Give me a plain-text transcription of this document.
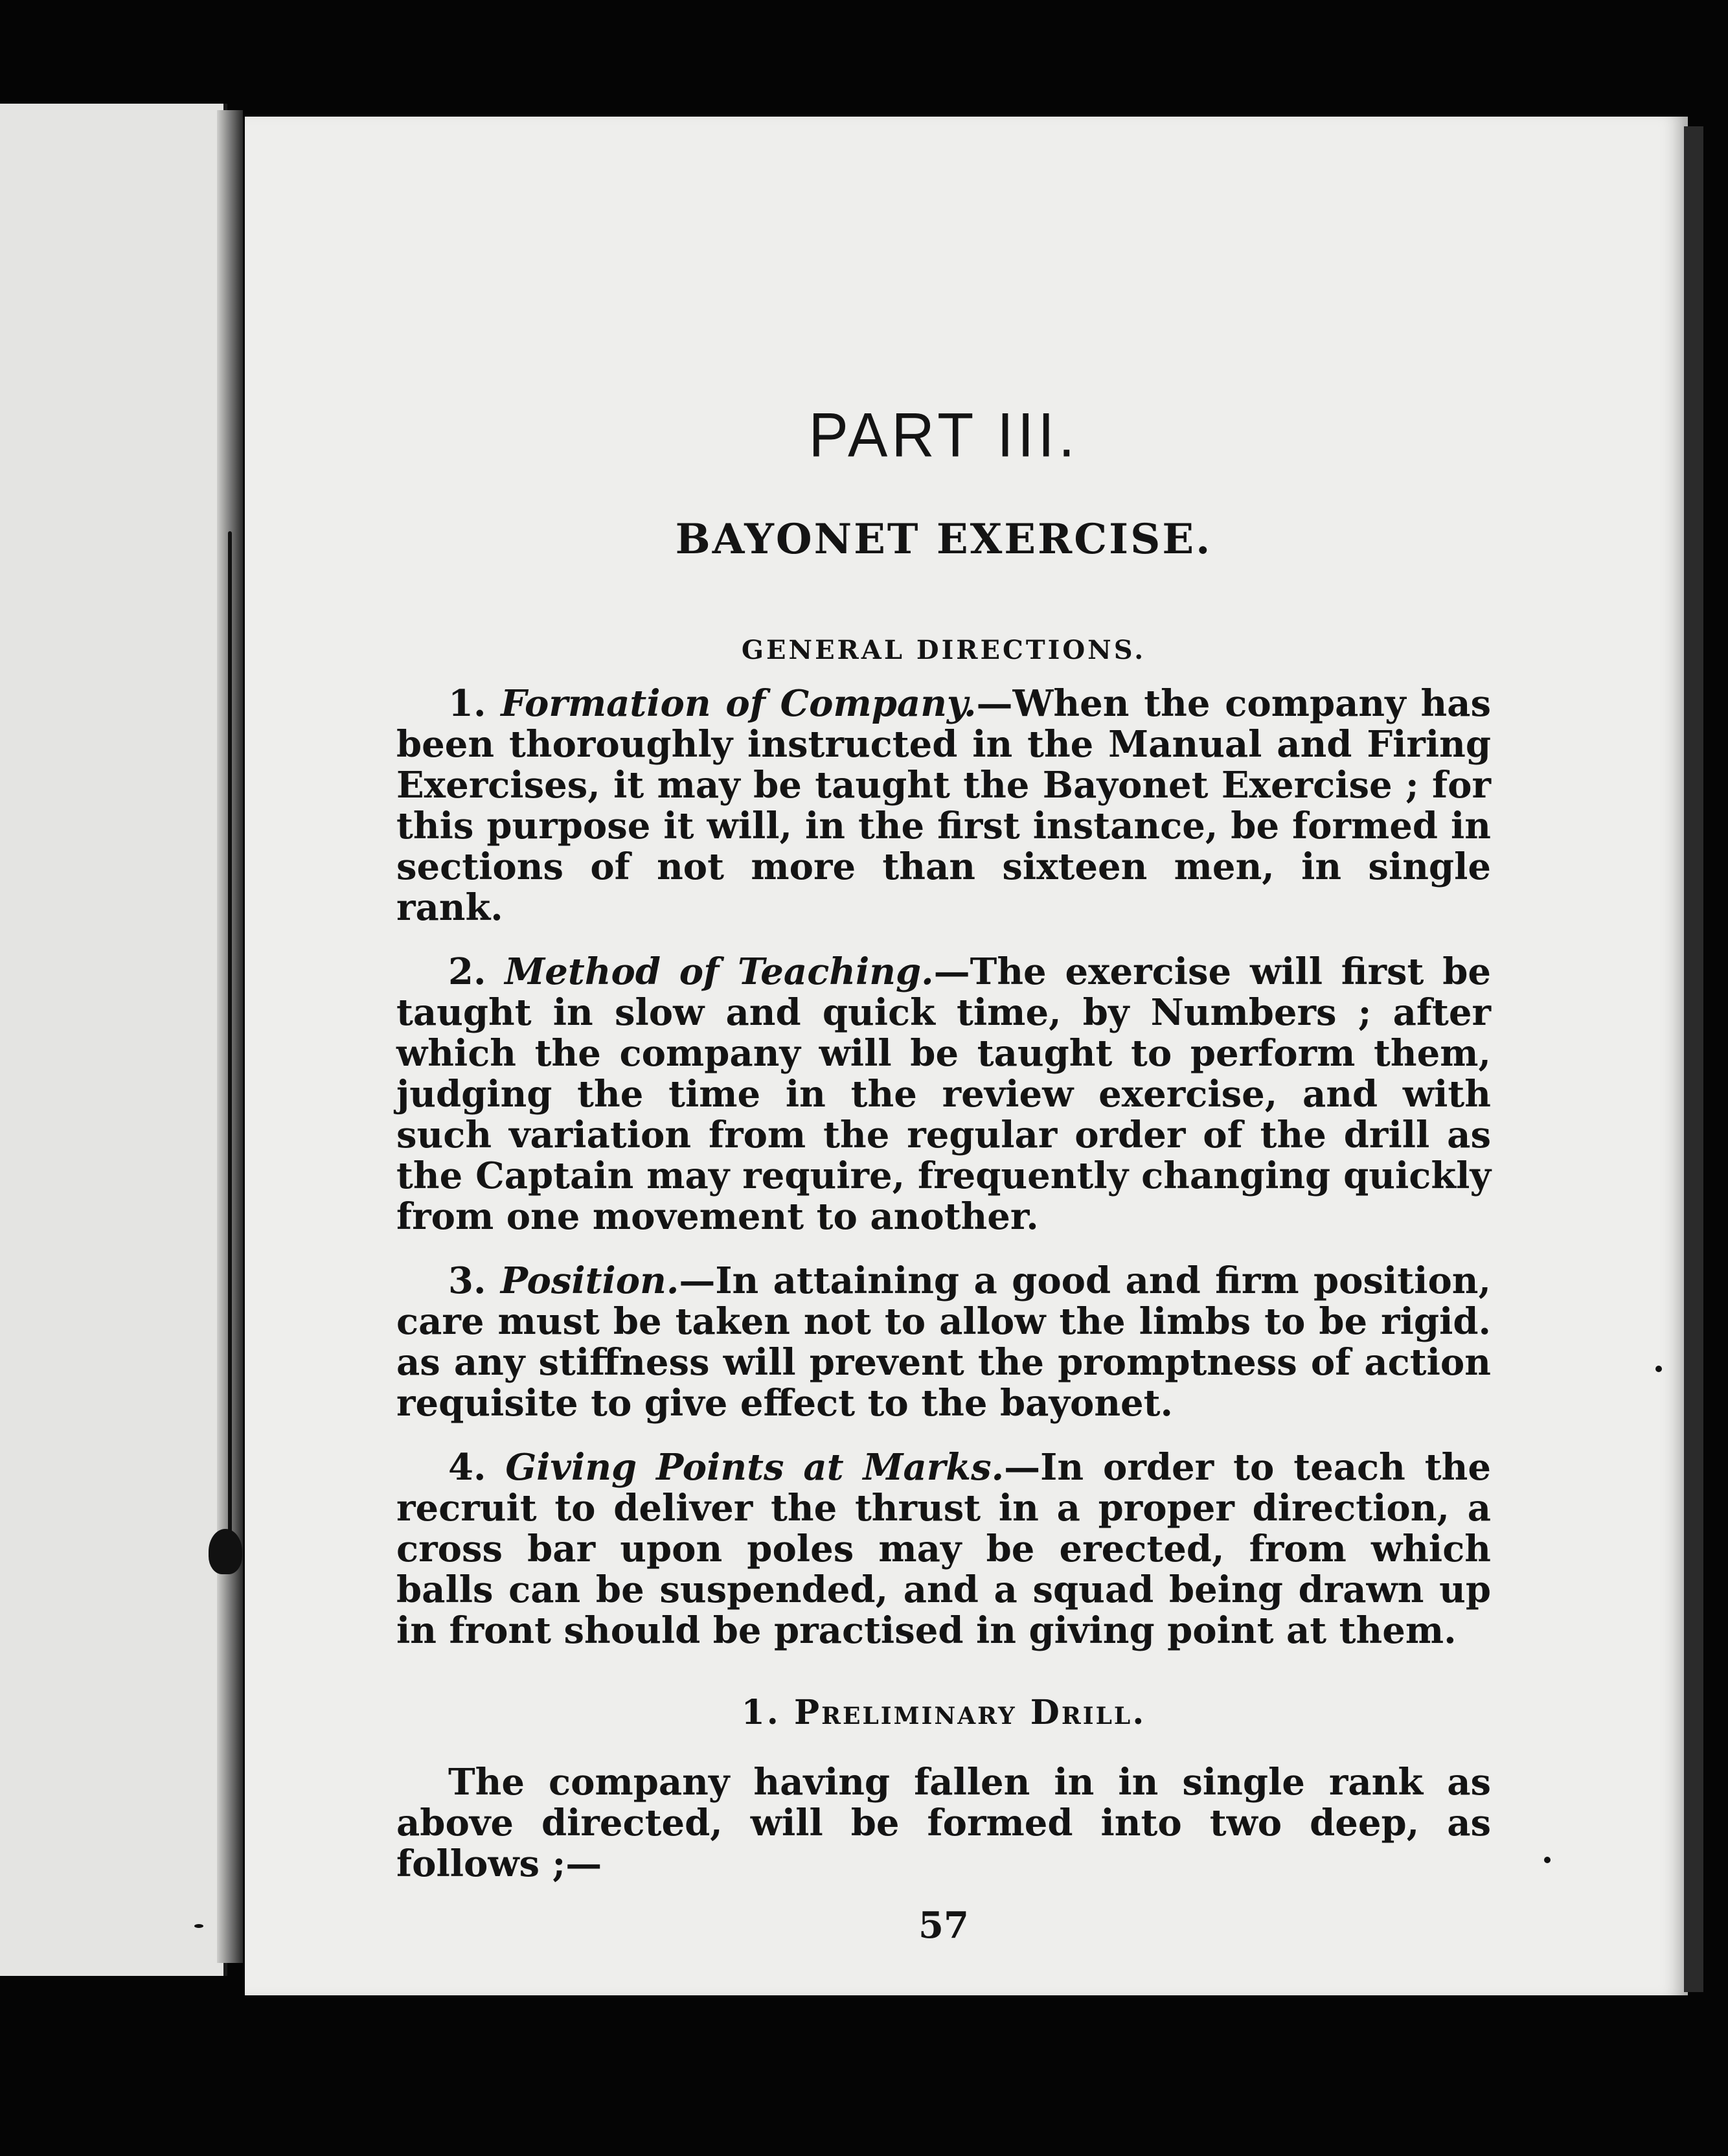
PART III.
BAYONET EXERCISE.
GENERAL DIRECTIONS.

1. Formation of Company.—When the company has been thoroughly instructed in the Manual and Firing Exercises, it may be taught the Bayonet Exercise ; for this purpose it will, in the first instance, be formed in sections of not more than sixteen men, in single rank.

2. Method of Teaching.—The exercise will first be taught in slow and quick time, by Numbers ; after which the company will be taught to perform them, judging the time in the review exercise, and with such variation from the regular order of the drill as the Captain may require, frequently changing quickly from one movement to another.

3. Position.—In attaining a good and firm position, care must be taken not to allow the limbs to be rigid. as any stiffness will prevent the promptness of action requisite to give effect to the bayonet.

4. Giving Points at Marks.—In order to teach the recruit to deliver the thrust in a proper direction, a cross bar upon poles may be erected, from which balls can be suspended, and a squad being drawn up in front should be practised in giving point at them.

1. Preliminary Drill.

The company having fallen in in single rank as above directed, will be formed into two deep, as follows ;—

57
